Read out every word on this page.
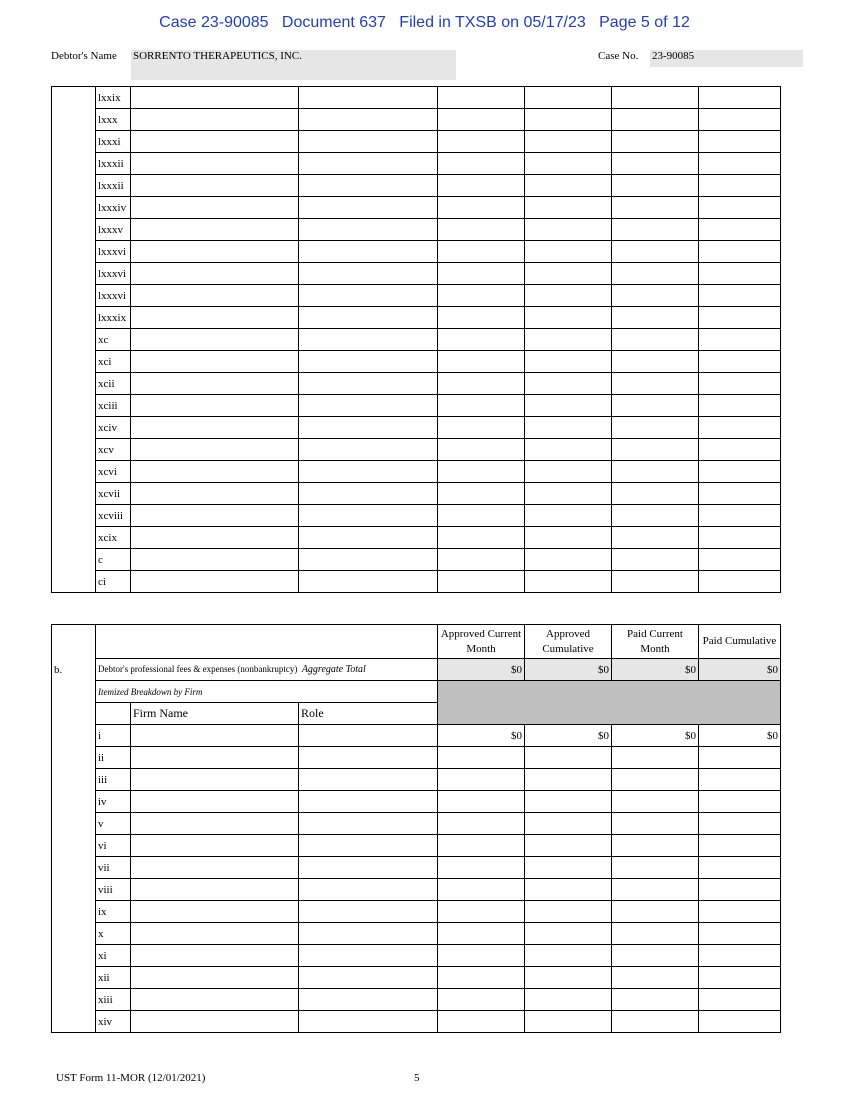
Case 23-90085   Document 637   Filed in TXSB on 05/17/23   Page 5 of 12
Debtor's Name SORRENTO THERAPEUTICS, INC.	Case No. 23-90085
	lxxix						
	lxxx						
	lxxxi						
	lxxxii						
	lxxxii						
	lxxxiv						
	lxxxv						
	lxxxvi						
	lxxxvi						
	lxxxvi						
	lxxxix						
	xc						
	xci						
	xcii						
	xciii						
	xciv						
	xcv						
	xcvi						
	xcvii						
	xcviii						
	xcix						
	c						
	ci						
				Approved Current Month	Approved Cumulative	Paid Current Month	Paid Cumulative
b.	Debtor's professional fees & expenses (nonbankruptcy) Aggregate Total			$0	$0	$0	$0
	Itemized Breakdown by Firm						
		Firm Name	Role				
	i			$0	$0	$0	$0
	ii						
	iii						
	iv						
	v						
	vi						
	vii						
	viii						
	ix						
	x						
	xi						
	xii						
	xiii						
	xiv						
UST Form 11-MOR (12/01/2021)	5
